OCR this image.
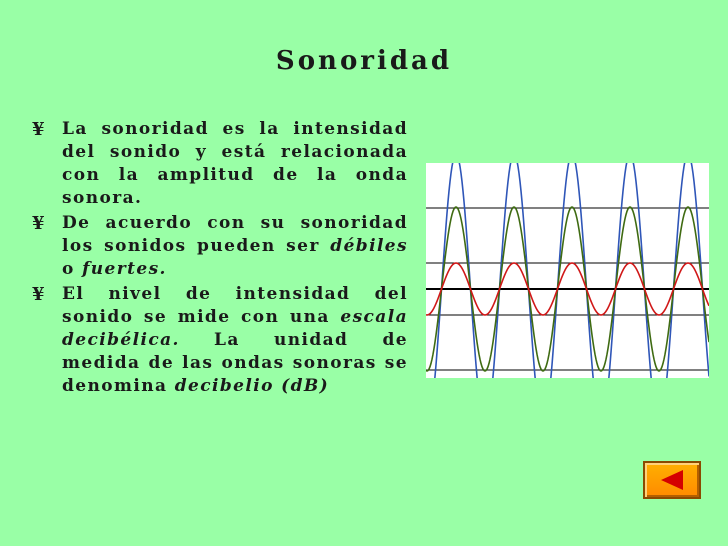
Sonoridad
¥ La sonoridad es la intensidad del sonido y está relacionada con la amplitud de la onda sonora.
¥ De acuerdo con su sonoridad los sonidos pueden ser débiles o fuertes.
¥ El nivel de intensidad del sonido se mide con una escala decibélica. La unidad de medida de las ondas sonoras se denomina decibelio (dB)
